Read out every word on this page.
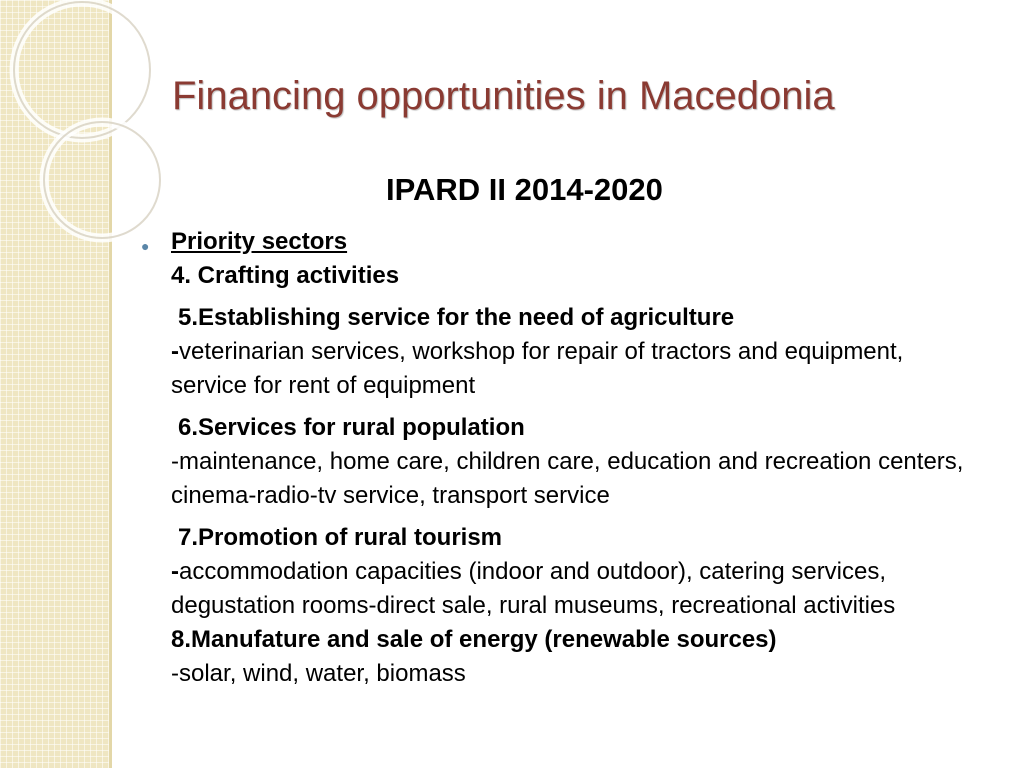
Financing opportunities in Macedonia
IPARD II 2014-2020
● Priority sectors

4. Crafting activities

5.Establishing service for the need of agriculture

-veterinarian services, workshop for repair of tractors and equipment, service for rent of equipment

6.Services for rural population

-maintenance, home care, children care, education and recreation centers, cinema-radio-tv service, transport service

7.Promotion of rural tourism

-accommodation capacities (indoor and outdoor), catering services, degustation rooms-direct sale, rural museums, recreational activities

8.Manufature and sale of energy (renewable sources)

-solar, wind, water, biomass
